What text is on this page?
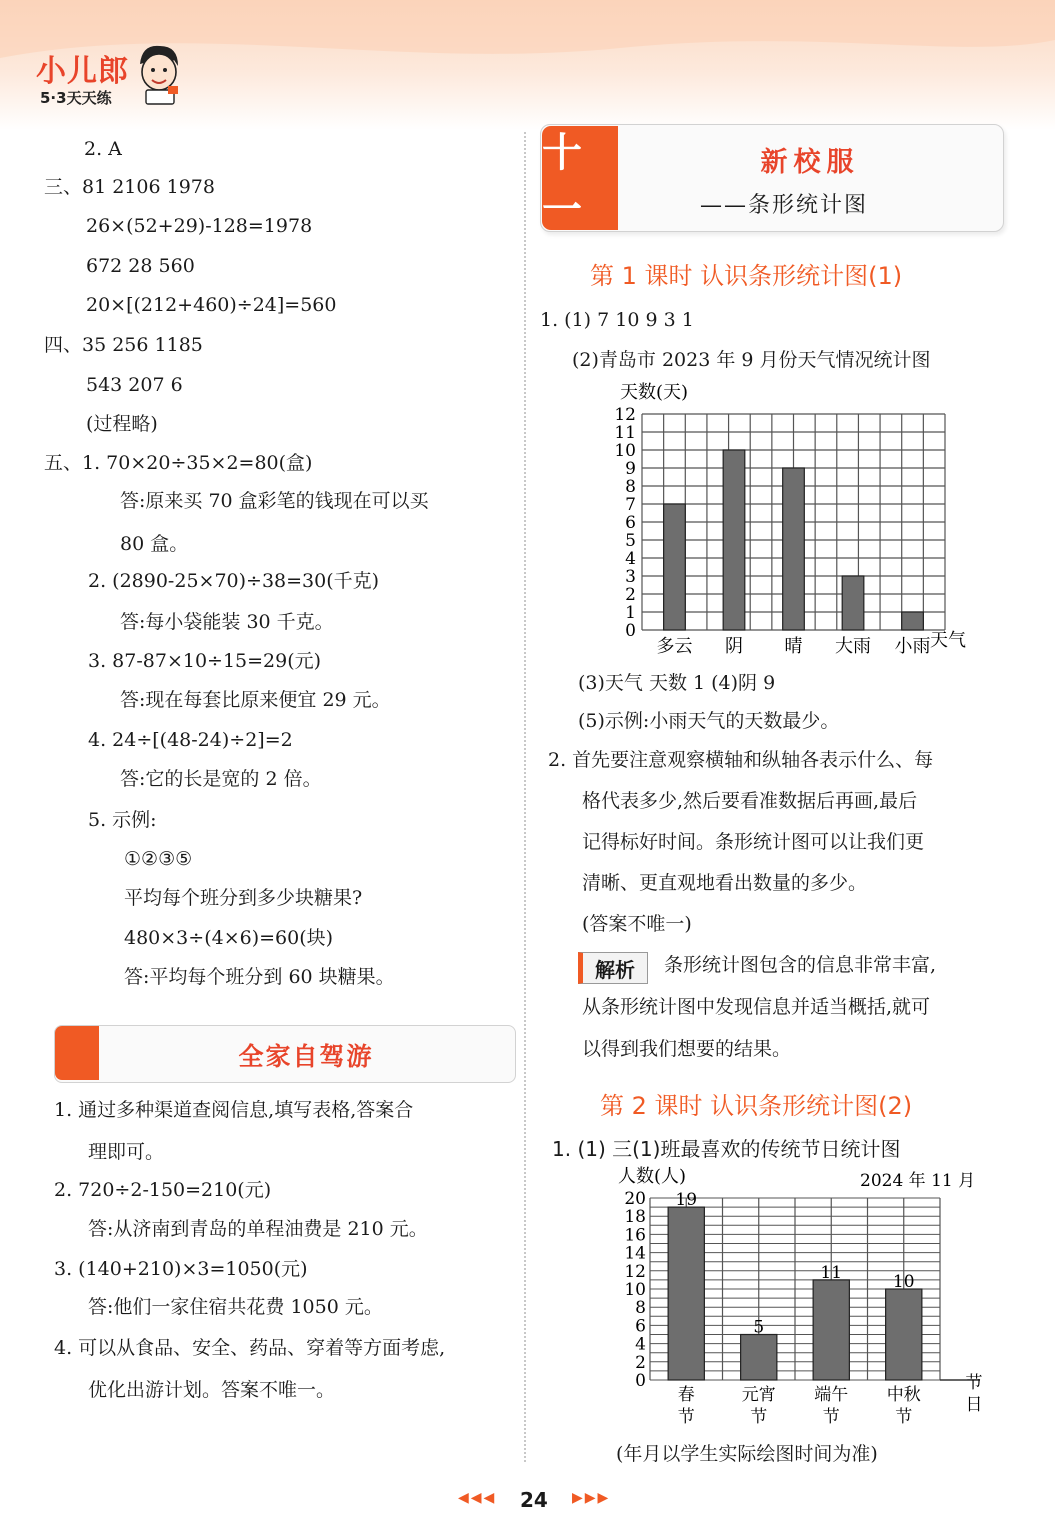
小儿郎
5·3天天练
2. A
三、81 2106 1978
26×(52+29)-128=1978
672 28 560
20×[(212+460)÷24]=560
四、35 256 1185
543 207 6
(过程略)
五、1. 70×20÷35×2=80(盒)
答:原来买 70 盒彩笔的钱现在可以买
80 盒。
2. (2890-25×70)÷38=30(千克)
答:每小袋能装 30 千克。
3. 87-87×10÷15=29(元)
答:现在每套比原来便宜 29 元。
4. 24÷[(48-24)÷2]=2
答:它的长是宽的 2 倍。
5. 示例:
①②③⑤
平均每个班分到多少块糖果?
480×3÷(4×6)=60(块)
答:平均每个班分到 60 块糖果。
全家自驾游
1. 通过多种渠道查阅信息,填写表格,答案合
理即可。
2. 720÷2-150=210(元)
答:从济南到青岛的单程油费是 210 元。
3. (140+210)×3=1050(元)
答:他们一家住宿共花费 1050 元。
4. 可以从食品、安全、药品、穿着等方面考虑,
优化出游计划。答案不唯一。
十一
新校服
——条形统计图
第 1 课时 认识条形统计图(1)
1. (1) 7 10 9 3 1
(2)青岛市 2023 年 9 月份天气情况统计图
天数(天)
0
1
2
3
4
5
6
7
8
9
10
11
12
多云 阴 晴 大雨 小雨 天气
(3)天气 天数 1 (4)阴 9
(5)示例:小雨天气的天数最少。
2. 首先要注意观察横轴和纵轴各表示什么、每
格代表多少,然后要看准数据后再画,最后
记得标好时间。条形统计图可以让我们更
清晰、更直观地看出数量的多少。
(答案不唯一)
解析	条形统计图包含的信息非常丰富,
从条形统计图中发现信息并适当概括,就可
以得到我们想要的结果。
第 2 课时 认识条形统计图(2)
1. (1) 三(1)班最喜欢的传统节日统计图
人数(人)	2024 年 11 月
0
2
4
6
8
10
12
14
16
18
20
春
节
元宵
节
端午
节
中秋
节
19
5
11	10
节
日
(年月以学生实际绘图时间为准)
◀◀◀ 24 ▶▶▶
